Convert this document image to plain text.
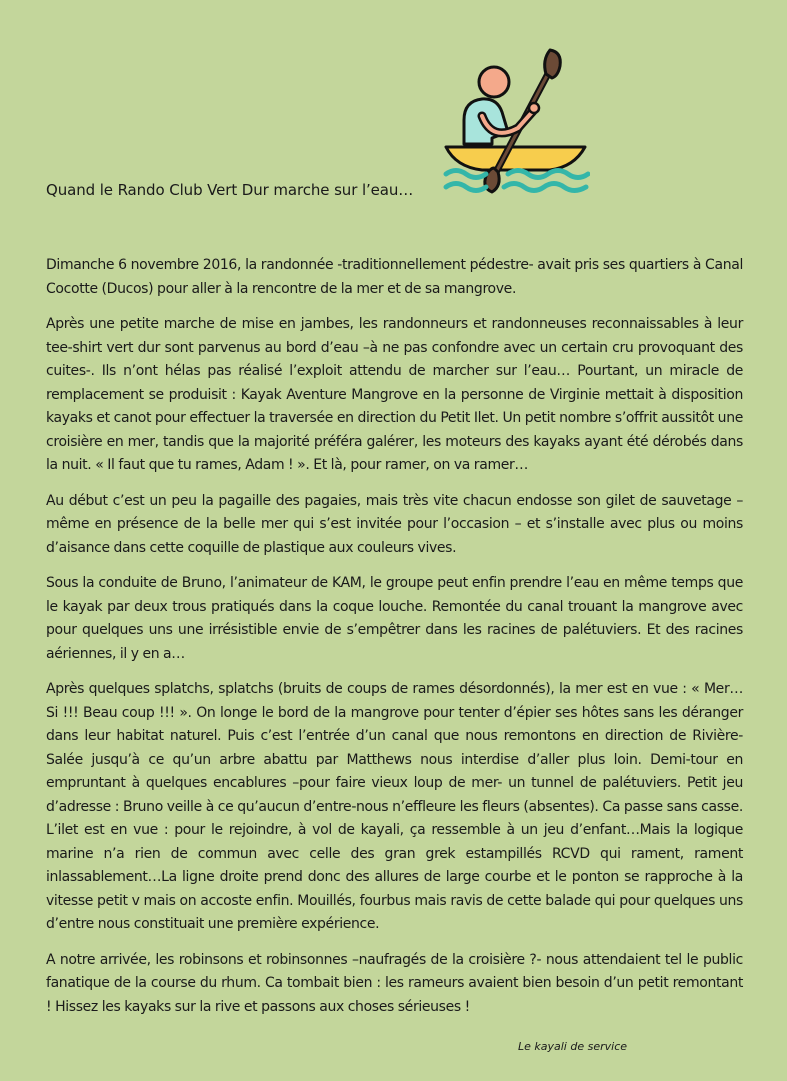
Quand le Rando Club Vert Dur marche sur l’eau…

Dimanche 6 novembre 2016, la randonnée -traditionnellement pédestre- avait pris ses quartiers à Canal Cocotte (Ducos) pour aller à la rencontre de la mer et de sa mangrove.

Après une petite marche de mise en jambes, les randonneurs et randonneuses reconnaissables à leur tee-shirt vert dur sont parvenus au bord d’eau –à ne pas confondre avec un certain cru provoquant des cuites-. Ils n’ont hélas pas réalisé l’exploit attendu de marcher sur l’eau… Pourtant, un miracle de remplacement se produisit : Kayak Aventure Mangrove en la personne de Virginie mettait à disposition kayaks et canot pour effectuer la traversée en direction du Petit Ilet. Un petit nombre s’offrit aussitôt une croisière en mer, tandis que la majorité préféra galérer, les moteurs des kayaks ayant été dérobés dans la nuit. « Il faut que tu rames, Adam ! ». Et là, pour ramer, on va ramer…

Au début c’est un peu la pagaille des pagaies, mais très vite chacun endosse son gilet de sauvetage – même en présence de la belle mer qui s’est invitée pour l’occasion – et s’installe avec plus ou moins d’aisance dans cette coquille de plastique aux couleurs vives.

Sous la conduite de Bruno, l’animateur de KAM, le groupe peut enfin prendre l’eau en même temps que le kayak par deux trous pratiqués dans la coque louche. Remontée du canal trouant la mangrove avec pour quelques uns une irrésistible envie de s’empêtrer dans les racines de palétuviers. Et des racines aériennes, il y en a…

Après quelques splatchs, splatchs (bruits de coups de rames désordonnés), la mer est en vue : « Mer… Si !!! Beau coup !!! ». On longe le bord de la mangrove pour tenter d’épier ses hôtes sans les déranger dans leur habitat naturel. Puis c’est l’entrée d’un canal que nous remontons en direction de Rivière-Salée jusqu’à ce qu’un arbre abattu par Matthews nous interdise d’aller plus loin. Demi-tour en empruntant à quelques encablures –pour faire vieux loup de mer- un tunnel de palétuviers. Petit jeu d’adresse : Bruno veille à ce qu’aucun d’entre-nous n’effleure les fleurs (absentes). Ca passe sans casse. L’ilet est en vue : pour le rejoindre, à vol de kayali, ça ressemble à un jeu d’enfant…Mais la logique marine n’a rien de commun avec celle des gran grek estampillés RCVD qui rament, rament inlassablement…La ligne droite prend donc des allures de large courbe et le ponton se rapproche à la vitesse petit v mais on accoste enfin. Mouillés, fourbus mais ravis de cette balade qui pour quelques uns d’entre nous constituait une première expérience.

A notre arrivée, les robinsons et robinsonnes –naufragés de la croisière ?- nous attendaient tel le public fanatique de la course du rhum. Ca tombait bien : les rameurs avaient bien besoin d’un petit remontant ! Hissez les kayaks sur la rive et passons aux choses sérieuses !

Le kayali de service
